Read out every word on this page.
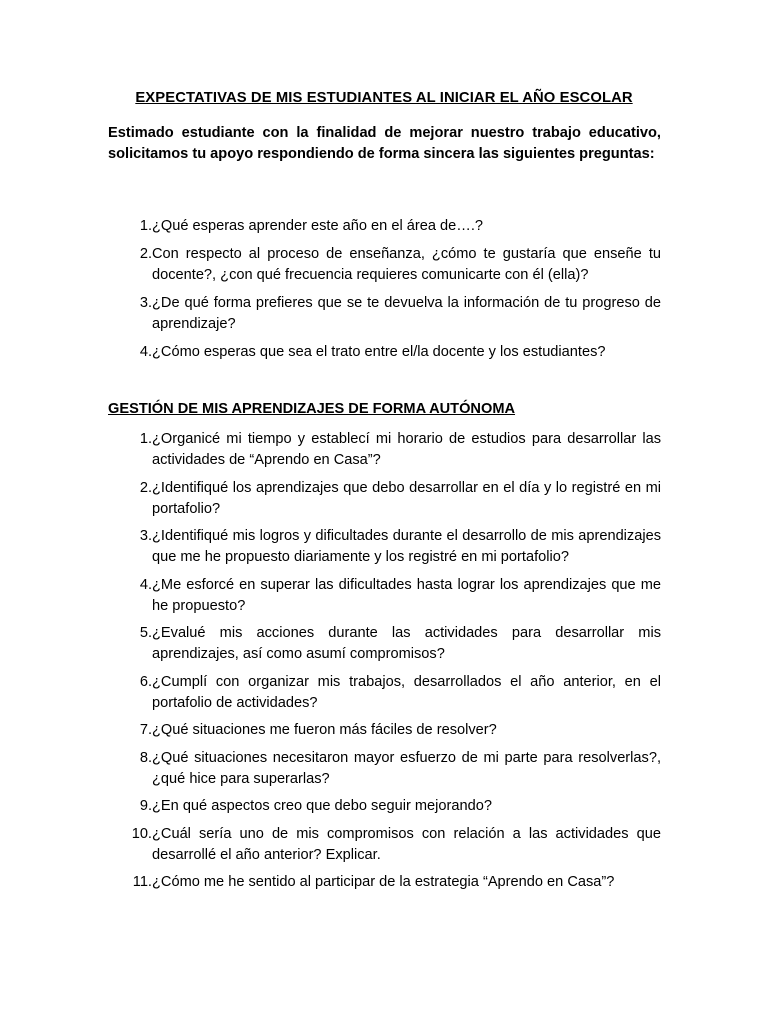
EXPECTATIVAS DE MIS ESTUDIANTES AL INICIAR EL AÑO ESCOLAR
Estimado estudiante con la finalidad de mejorar nuestro trabajo educativo, solicitamos tu apoyo respondiendo de forma sincera las siguientes preguntas:
1. ¿Qué esperas aprender este año en el área de….?
2. Con respecto al proceso de enseñanza, ¿cómo te gustaría que enseñe tu docente?, ¿con qué frecuencia requieres comunicarte con él (ella)?
3. ¿De qué forma prefieres que se te devuelva la información de tu progreso de aprendizaje?
4. ¿Cómo esperas que sea el trato entre el/la docente y los estudiantes?
GESTIÓN DE MIS APRENDIZAJES DE FORMA AUTÓNOMA
1. ¿Organicé mi tiempo y establecí mi horario de estudios para desarrollar las actividades de “Aprendo en Casa”?
2. ¿Identifiqué los aprendizajes que debo desarrollar en el día y lo registré en mi portafolio?
3. ¿Identifiqué mis logros y dificultades durante el desarrollo de mis aprendizajes que me he propuesto diariamente y los registré en mi portafolio?
4. ¿Me esforcé en superar las dificultades hasta lograr los aprendizajes que me he propuesto?
5. ¿Evalué mis acciones durante las actividades para desarrollar mis aprendizajes, así como asumí compromisos?
6. ¿Cumplí con organizar mis trabajos, desarrollados el año anterior, en el portafolio de actividades?
7. ¿Qué situaciones me fueron más fáciles de resolver?
8. ¿Qué situaciones necesitaron mayor esfuerzo de mi parte para resolverlas?, ¿qué hice para superarlas?
9. ¿En qué aspectos creo que debo seguir mejorando?
10. ¿Cuál sería uno de mis compromisos con relación a las actividades que desarrollé el año anterior? Explicar.
11. ¿Cómo me he sentido al participar de la estrategia “Aprendo en Casa”?
